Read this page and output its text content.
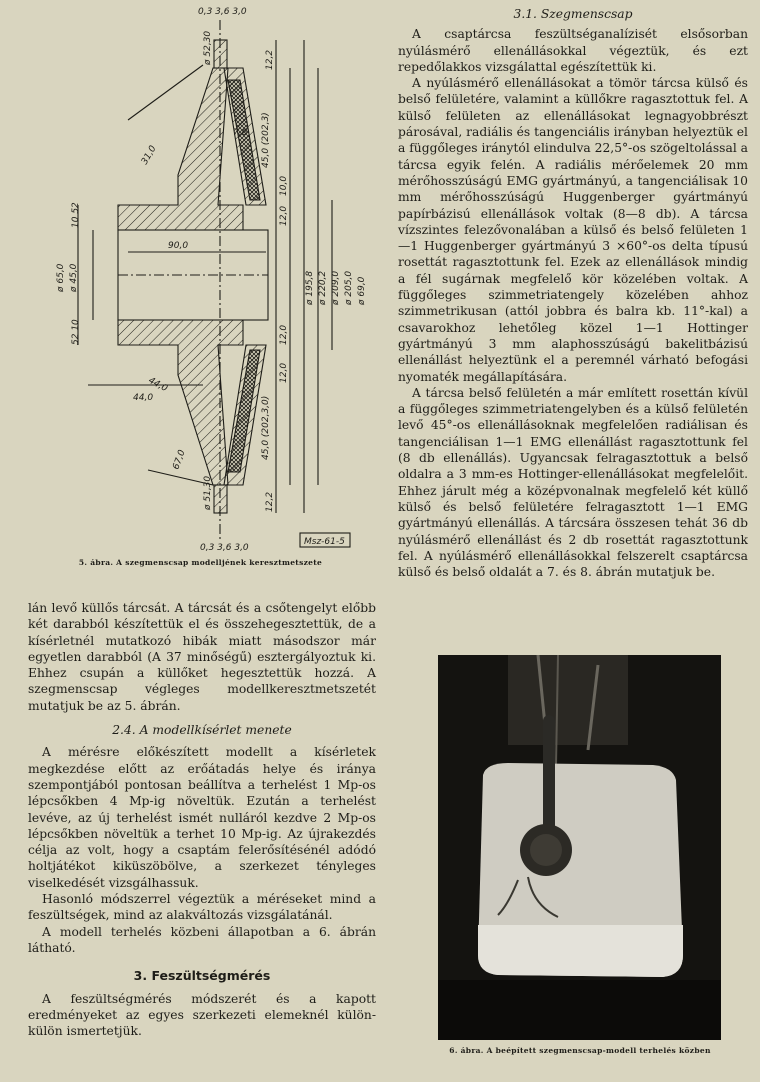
0,3 3,6 3,0
0,3 3,6 3,0
ø 52,30
ø 51,30
12,2
12,2
7,6
31,0
44,0
67,0
45,0 (202,3)
45,0 (202,3,0)
10,0
12,0
12,0
12,0
10 52
52 10
90,0
44,0
ø 65,0 ø 45,0	ø 195,8 ø 220,2 ø 209,0 ø 205,0 ø 69,0
Msz-61-5
5. ábra. A szegmenscsap modelljének keresztmetszete

lán levő küllős tárcsát. A tárcsát és a csőtengelyt előbb két darabból készítettük el és összehegesztettük, de a kísérletnél mutatkozó hibák miatt másodszor már egyetlen darabból (A 37 minőségű) esztergályoztuk ki. Ehhez csupán a küllőket hegesztettük hozzá. A szegmenscsap végleges modellkeresztmetszetét mutatjuk be az 5. ábrán.

2.4. A modellkísérlet menete

A mérésre előkészített modellt a kísérletek megkezdése előtt az erőátadás helye és iránya szempontjából pontosan beállítva a terhelést 1 Mp-os lépcsőkben 4 Mp-ig növeltük. Ezután a terhelést levéve, az új terhelést ismét nulláról kezdve 2 Mp-os lépcsőkben növeltük a terhet 10 Mp-ig. Az újrakezdés célja az volt, hogy a csaptám felerősítésénél adódó holtjátékot kiküszöbölve, a szerkezet tényleges viselkedését vizsgálhassuk.

Hasonló módszerrel végeztük a méréseket mind a feszültségek, mind az alakváltozás vizsgálatánál.

A modell terhelés közbeni állapotban a 6. ábrán látható.

3. Feszültségmérés

A feszültségmérés módszerét és a kapott eredményeket az egyes szerkezeti elemeknél külön-külön ismertetjük.

3.1. Szegmenscsap

A csaptárcsa feszültséganalízisét elsősorban nyúlásmérő ellenállásokkal végeztük, és ezt repedőlakkos vizsgálattal egészítettük ki.

A nyúlásmérő ellenállásokat a tömör tárcsa külső és belső felületére, valamint a küllőkre ragasztottuk fel. A külső felületen az ellenállásokat legnagyobbrészt párosával, radiális és tangenciális irányban helyeztük el a függőleges iránytól elindulva 22,5°-os szögeltolással a tárcsa egyik felén. A radiális mérőelemek 20 mm mérőhosszúságú EMG gyártmányú, a tangenciálisak 10 mm mérőhosszúságú Huggenberger gyártmányú papírbázisú ellenállások voltak (8—8 db). A tárcsa vízszintes felezővonalában a külső és belső felületen 1—1 Huggenberger gyártmányú 3 ×60°-os delta típusú rosettát ragasztottunk fel. Ezek az ellenállások mindig a fél sugárnak megfelelő kör közelében voltak. A függőleges szimmetriatengely közelében ahhoz szimmetrikusan (attól jobbra és balra kb. 11°-kal) a csavarokhoz lehetőleg közel 1—1 Hottinger gyártmányú 3 mm alaphosszúságú bakelitbázisú ellenállást helyeztünk el a peremnél várható befogási nyomaték megállapítására.

A tárcsa belső felületén a már említett rosettán kívül a függőleges szimmetriatengelyben és a külső felületén levő 45°-os ellenállásoknak megfelelően radiálisan és tangenciálisan 1—1 EMG ellenállást ragasztottunk fel (8 db ellenállás). Ugyancsak felragasztottuk a belső oldalra a 3 mm-es Hottinger-ellenállásokat megfelelőit. Ehhez járult még a középvonalnak megfelelő két küllő külső és belső felületére felragasztott 1—1 EMG gyártmányú ellenállás. A tárcsára összesen tehát 36 db nyúlásmérő ellenállást és 2 db rosettát ragasztottunk fel. A nyúlásmérő ellenállásokkal felszerelt csaptárcsa külső és belső oldalát a 7. és 8. ábrán mutatjuk be.

6. ábra. A beépített szegmenscsap-modell terhelés közben
